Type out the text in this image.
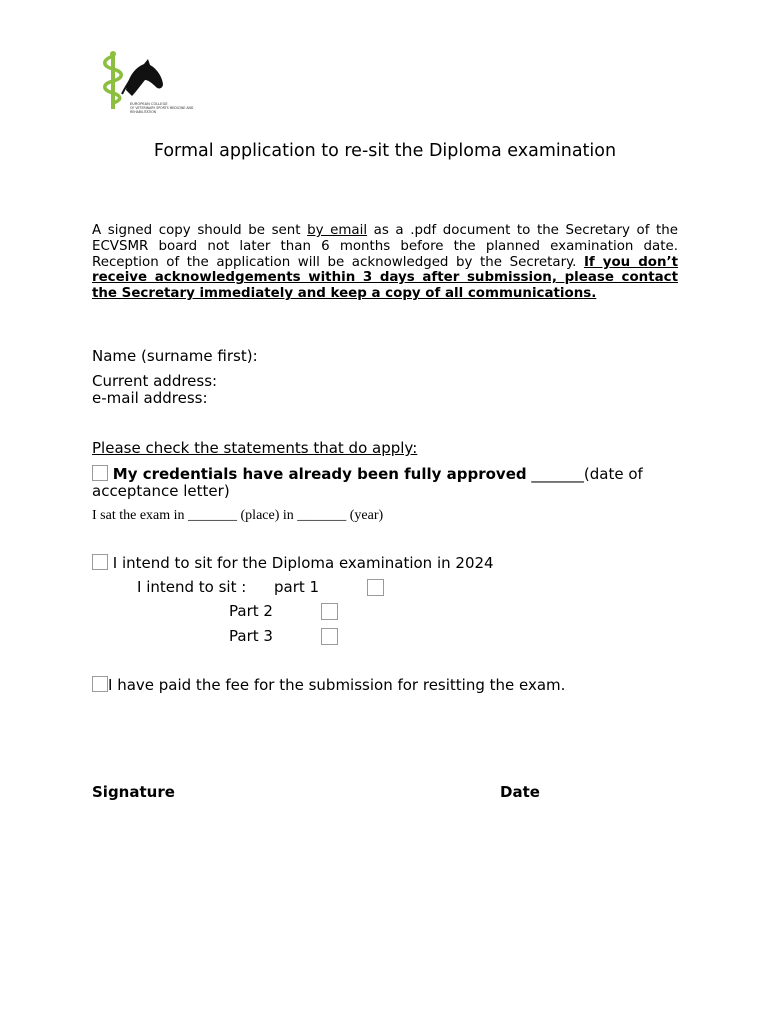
EUROPEAN COLLEGE
OF VETERINARY SPORTS MEDICINE AND
REHABILITATION
Formal application to re-sit the Diploma examination
A signed copy should be sent by email as a .pdf document to the Secretary of the ECVSMR board not later than 6 months before the planned examination date. Reception of the application will be acknowledged by the Secretary. If you don’t receive acknowledgements within 3 days after submission, please contact the Secretary immediately and keep a copy of all communications.
Name (surname first):
Current address:
e-mail address:
Please check the statements that do apply:
My credentials have already been fully approved _______(date of acceptance letter)
I sat the exam in _______ (place) in _______ (year)
I intend to sit for the Diploma examination in 2024
I intend to sit : part 1
Part 2
Part 3
I have paid the fee for the submission for resitting the exam.
Signature	Date
